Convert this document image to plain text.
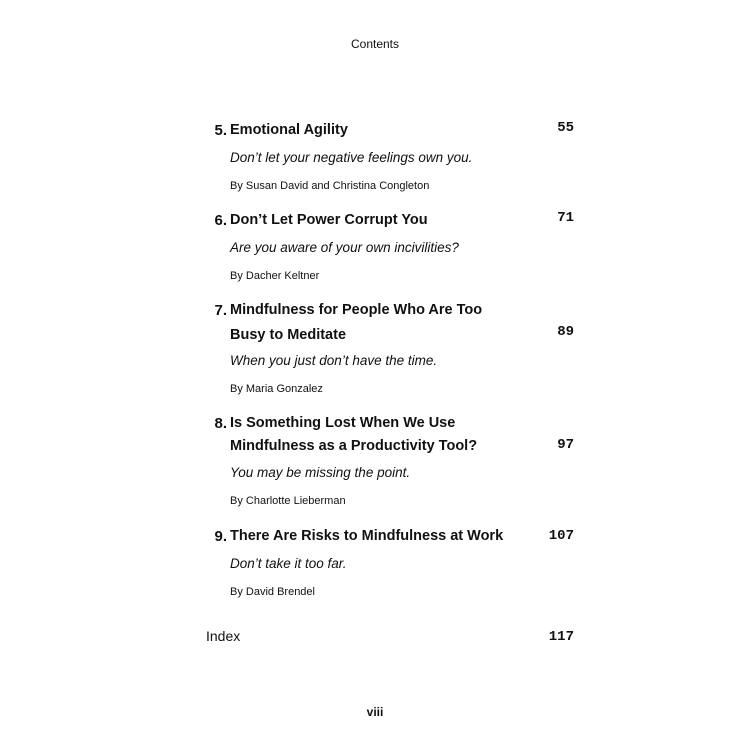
Contents
5. Emotional Agility	55
Don’t let your negative feelings own you.
By Susan David and Christina Congleton
6. Don’t Let Power Corrupt You	71
Are you aware of your own incivilities?
By Dacher Keltner
7. Mindfulness for People Who Are Too
Busy to Meditate	89
When you just don’t have the time.
By Maria Gonzalez
8. Is Something Lost When We Use
Mindfulness as a Productivity Tool?	97
You may be missing the point.
By Charlotte Lieberman
9. There Are Risks to Mindfulness at Work	107
Don’t take it too far.
By David Brendel
Index	117
viii
